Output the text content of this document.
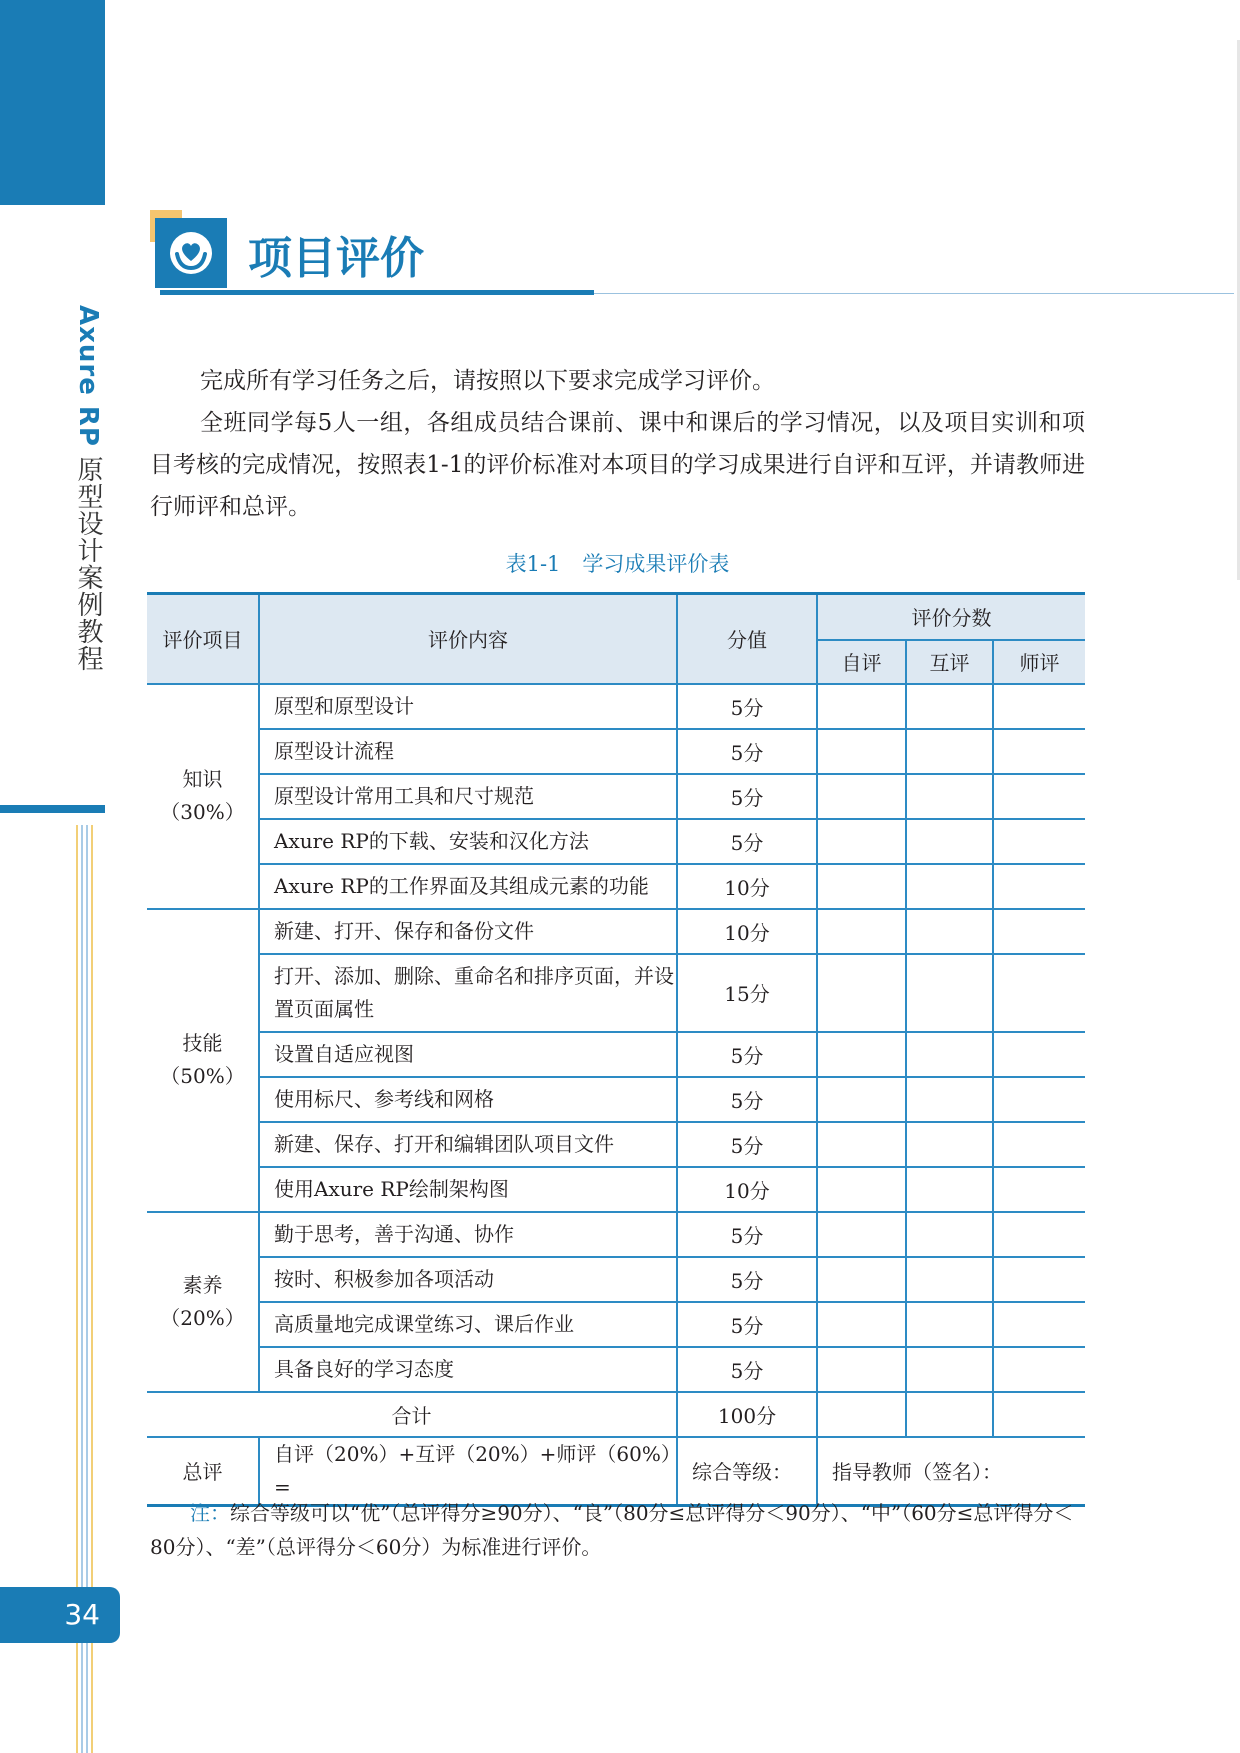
Axure RP 原型设计案例教程
34
项目评价

完成所有学习任务之后，请按照以下要求完成学习评价。

全班同学每5人一组，各组成员结合课前、课中和课后的学习情况，以及项目实训和项目考核的完成情况，按照表1-1的评价标准对本项目的学习成果进行自评和互评，并请教师进行师评和总评。

表1-1 学习成果评价表
评价项目	评价内容	分值	评价分数		
			自评	互评	师评
知识
（30%）	原型和原型设计	5分			
	原型设计流程	5分			
	原型设计常用工具和尺寸规范	5分			
	Axure RP的下载、安装和汉化方法	5分			
	Axure RP的工作界面及其组成元素的功能	10分			
技能
（50%）	新建、打开、保存和备份文件	10分			
	打开、添加、删除、重命名和排序页面，并设置页面属性	15分			
	设置自适应视图	5分			
	使用标尺、参考线和网格	5分			
	新建、保存、打开和编辑团队项目文件	5分			
	使用Axure RP绘制架构图	10分			
素养
（20%）	勤于思考，善于沟通、协作	5分			
	按时、积极参加各项活动	5分			
	高质量地完成课堂练习、课后作业	5分			
	具备良好的学习态度	5分			
合计		100分			
总评	自评（20%）+互评（20%）+师评（60%）=	综合等级：	指导教师（签名）：		

注：综合等级可以“优”（总评得分≥90分）、“良”（80分≤总评得分＜90分）、“中”（60分≤总评得分＜80分）、“差”（总评得分＜60分）为标准进行评价。
